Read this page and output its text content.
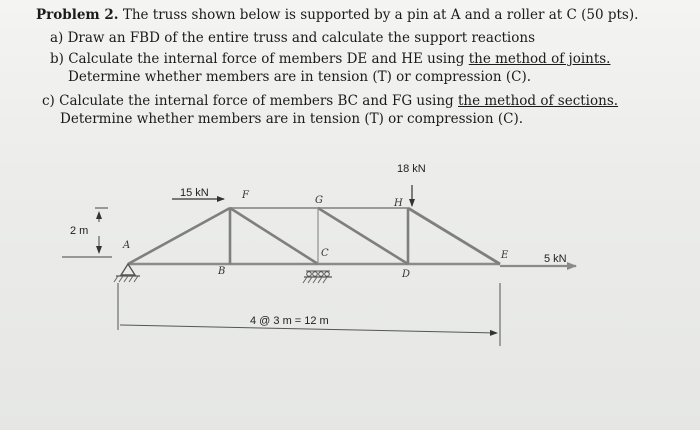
Problem 2. The truss shown below is supported by a pin at A and a roller at C (50 pts).
a) Draw an FBD of the entire truss and calculate the support reactions
b) Calculate the internal force of members DE and HE using the method of joints.
Determine whether members are in tension (T) or compression (C).
c) Calculate the internal force of members BC and FG using the method of sections.
Determine whether members are in tension (T) or compression (C).
15 kN
18 kN
5 kN
A
B
C
D
E
F	G	H
2 m
4 @ 3 m = 12 m
